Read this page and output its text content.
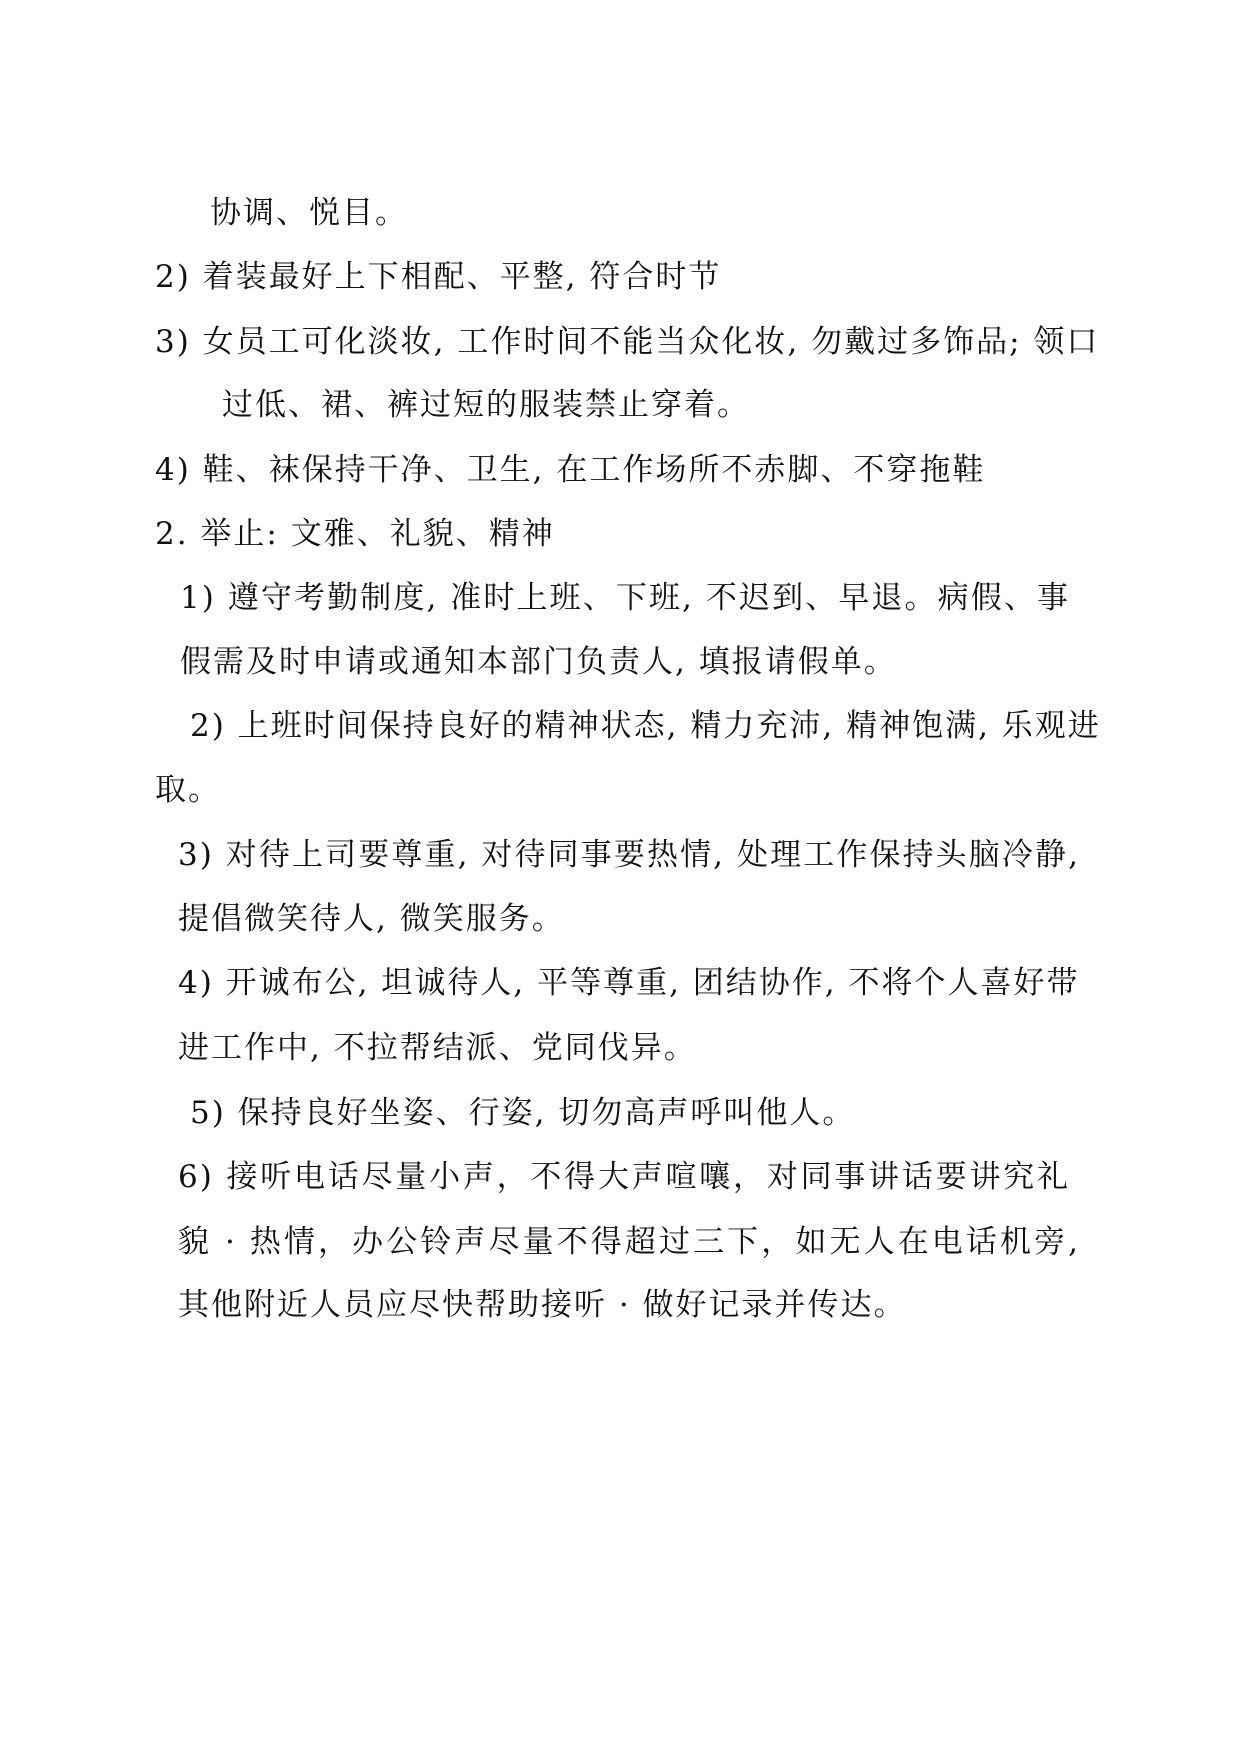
协调、悦目。
2) 着装最好上下相配、平整, 符合时节
3) 女员工可化淡妆, 工作时间不能当众化妆, 勿戴过多饰品; 领口
过低、裙、裤过短的服装禁止穿着。
4) 鞋、袜保持干净、卫生, 在工作场所不赤脚、不穿拖鞋
2. 举止: 文雅、礼貌、精神
1) 遵守考勤制度, 准时上班、下班, 不迟到、早退。病假、事
假需及时申请或通知本部门负责人, 填报请假单。
2) 上班时间保持良好的精神状态, 精力充沛, 精神饱满, 乐观进
取。
3) 对待上司要尊重, 对待同事要热情, 处理工作保持头脑冷静,
提倡微笑待人, 微笑服务。
4) 开诚布公, 坦诚待人, 平等尊重, 团结协作, 不将个人喜好带
进工作中, 不拉帮结派、党同伐异。
5) 保持良好坐姿、行姿, 切勿高声呼叫他人。
6) 接听电话尽量小声，不得大声喧嚷，对同事讲话要讲究礼
貌 · 热情，办公铃声尽量不得超过三下，如无人在电话机旁,
其他附近人员应尽快帮助接听 · 做好记录并传达。
